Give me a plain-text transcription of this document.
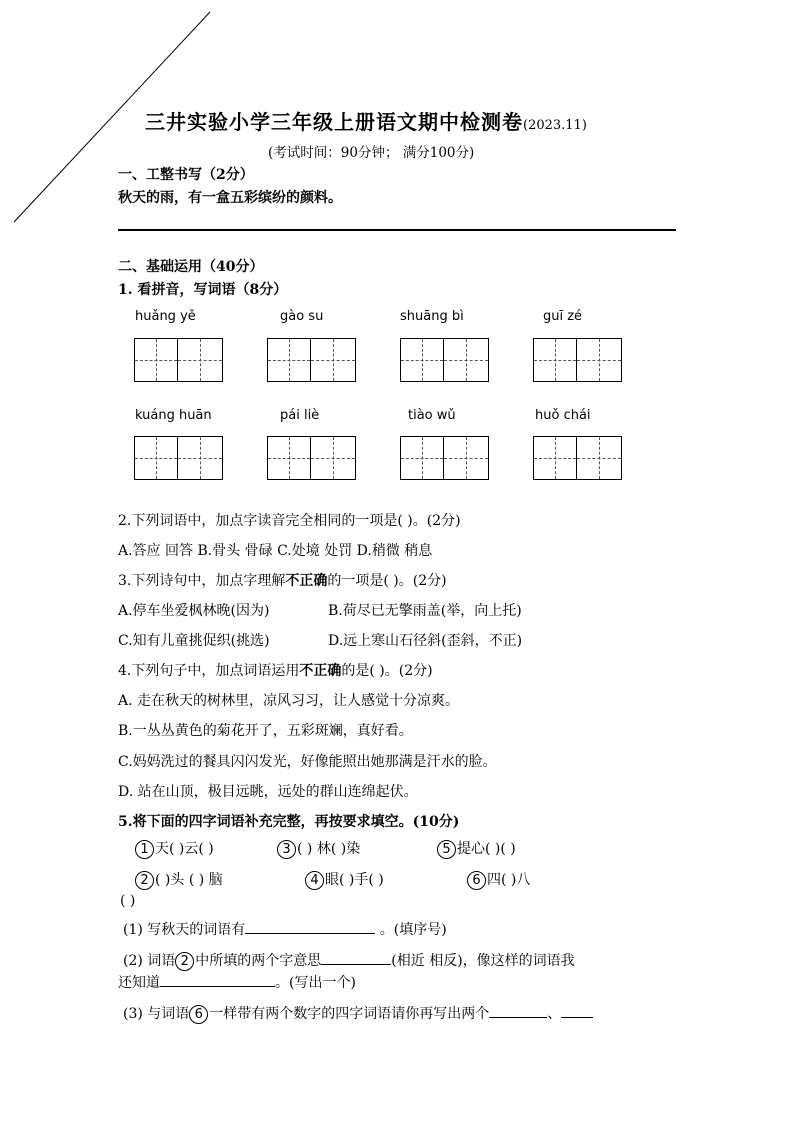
三井实验小学三年级上册语文期中检测卷(2023.11)
(考试时间：90分钟； 满分100分)
一、工整书写（2分）
秋天的雨，有一盒五彩缤纷的颜料。
二、基础运用（40分）
1. 看拼音，写词语（8分）
huǎng yě	gào su	shuāng bì	guī zé
kuáng huān	pái liè	tiào wǔ	huǒ chái
2.下列词语中，加点字读音完全相同的一项是( )。(2分)
A.答应 回答 B.骨头 骨碌 C.处境 处罚 D.稍微 稍息
3.下列诗句中，加点字理解不正确的一项是( )。(2分)
A.停车坐爱枫林晚(因为)	B.荷尽已无擎雨盖(举，向上托)
C.知有儿童挑促织(挑选)	D.远上寒山石径斜(歪斜，不正)
4.下列句子中，加点词语运用不正确的是( )。(2分)
A. 走在秋天的树林里，凉风习习，让人感觉十分凉爽。
B.一丛丛黄色的菊花开了，五彩斑斓，真好看。
C.妈妈洗过的餐具闪闪发光，好像能照出她那满是汗水的脸。
D. 站在山顶，极目远眺，远处的群山连绵起伏。
5.将下面的四字词语补充完整，再按要求填空。(10分)
1 天( )云( )	3 ( ) 林( )染	5 提心( )( )
2 ( )头 ( ) 脑	4 眼( )手( )	6 四( )八
( )
(1) 写秋天的词语有	。(填序号)
(2) 词语 2 中所填的两个字意思	(相近 相反)，像这样的词语我
还知道	。(写出一个)
(3) 与词语 6 一样带有两个数字的四字词语请你再写出两个	、
